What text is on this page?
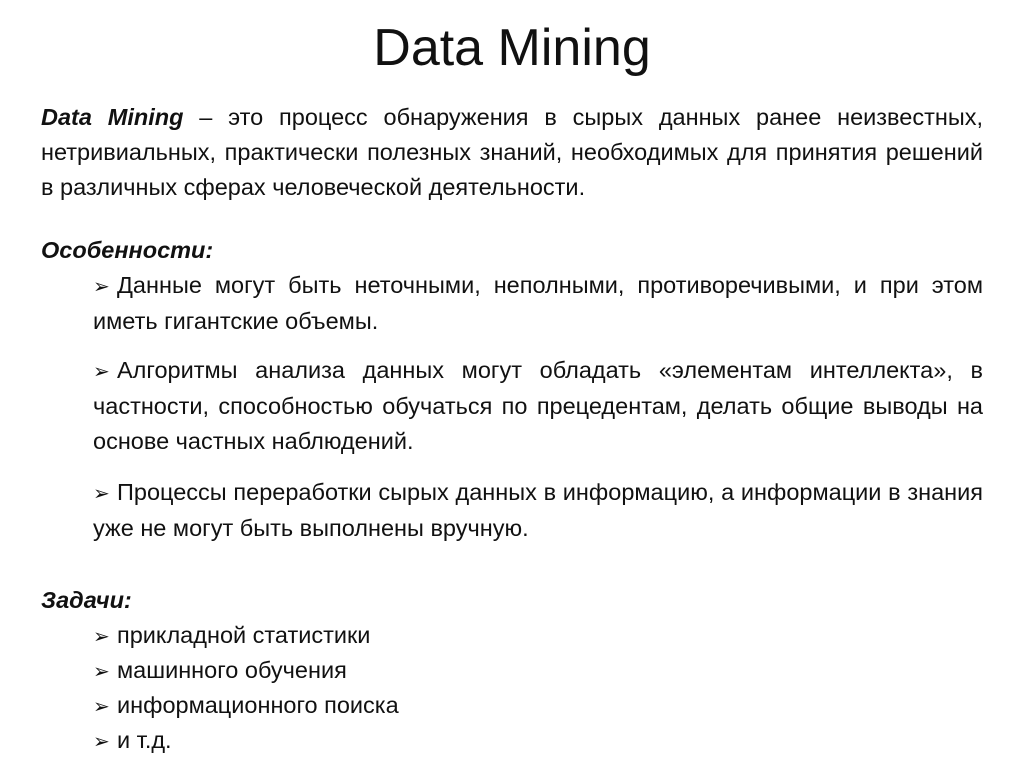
Data Mining

Data Mining – это процесс обнаружения в сырых данных ранее неизвестных, нетривиальных, практически полезных знаний, необходимых для принятия решений в различных сферах человеческой деятельности.

Особенности:

➢ Данные могут быть неточными, неполными, противоречивыми, и при этом иметь гигантские объемы.
➢ Алгоритмы анализа данных могут обладать «элементам интеллекта», в частности, способностью обучаться по прецедентам, делать общие выводы на основе частных наблюдений.
➢ Процессы переработки сырых данных в информацию, а информации в знания уже не могут быть выполнены вручную.

Задачи:

➢ прикладной статистики
➢ машинного обучения
➢ информационного поиска
➢ и т.д.
